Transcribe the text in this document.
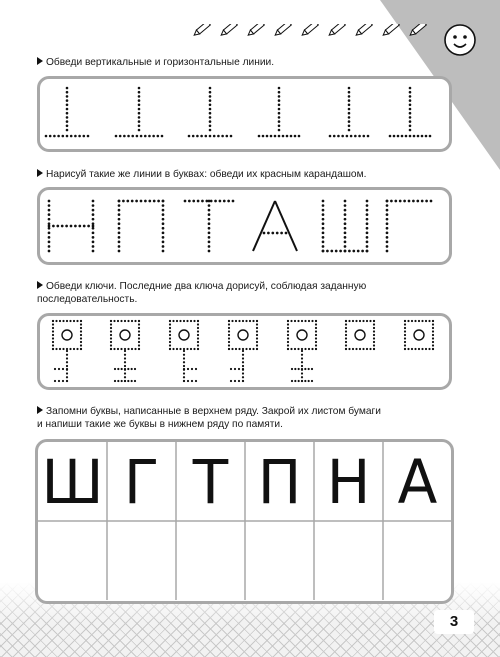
Обведи вертикальные и горизонтальные линии.
Нарисуй такие же линии в буквах: обведи их красным карандашом.
Обведи ключи. Последние два ключа дорисуй, соблюдая заданную
последовательность.
Запомни буквы, написанные в верхнем ряду. Закрой их листом бумаги
и напиши такие же буквы в нижнем ряду по памяти.
Ш Г Т П Н А
3
